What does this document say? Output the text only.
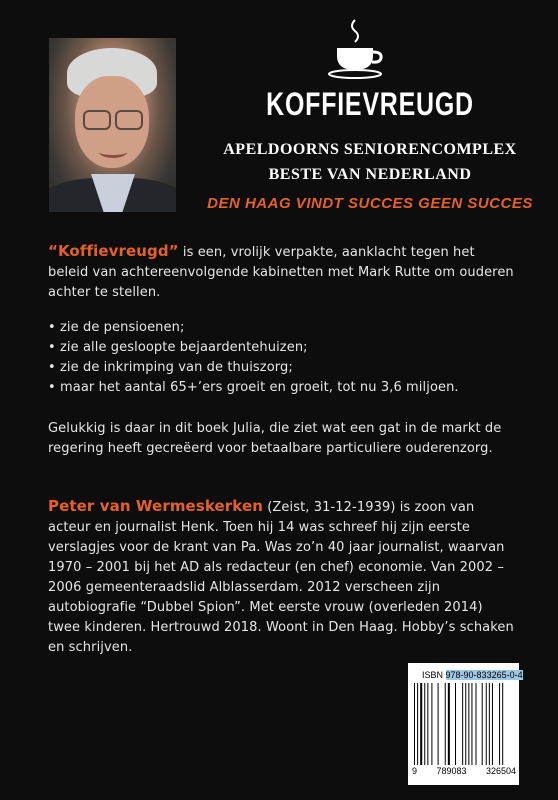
KOFFIEVREUGD
APELDOORNS SENIORENCOMPLEX
BESTE VAN NEDERLAND
DEN HAAG VINDT SUCCES GEEN SUCCES
“Koffievreugd” is een, vrolijk verpakte, aanklacht tegen het beleid van achtereenvolgende kabinetten met Mark Rutte om ouderen achter te stellen.
• zie de pensioenen;
• zie alle gesloopte bejaardentehuizen;
• zie de inkrimping van de thuiszorg;
• maar het aantal 65+’ers groeit en groeit, tot nu 3,6 miljoen.
Gelukkig is daar in dit boek Julia, die ziet wat een gat in de markt de regering heeft gecreëerd voor betaalbare particuliere ouderenzorg.
Peter van Wermeskerken (Zeist, 31-12-1939) is zoon van acteur en journalist Henk. Toen hij 14 was schreef hij zijn eerste verslagjes voor de krant van Pa. Was zo’n 40 jaar journalist, waarvan 1970 – 2001 bij het AD als redacteur (en chef) economie. Van 2002 – 2006 gemeenteraadslid Alblasserdam. 2012 verscheen zijn autobiografie “Dubbel Spion”. Met eerste vrouw (overleden 2014) twee kinderen. Hertrouwd 2018. Woont in Den Haag. Hobby’s schaken en schrijven.
ISBN 978-90-833265-0-4
9 789083 326504
